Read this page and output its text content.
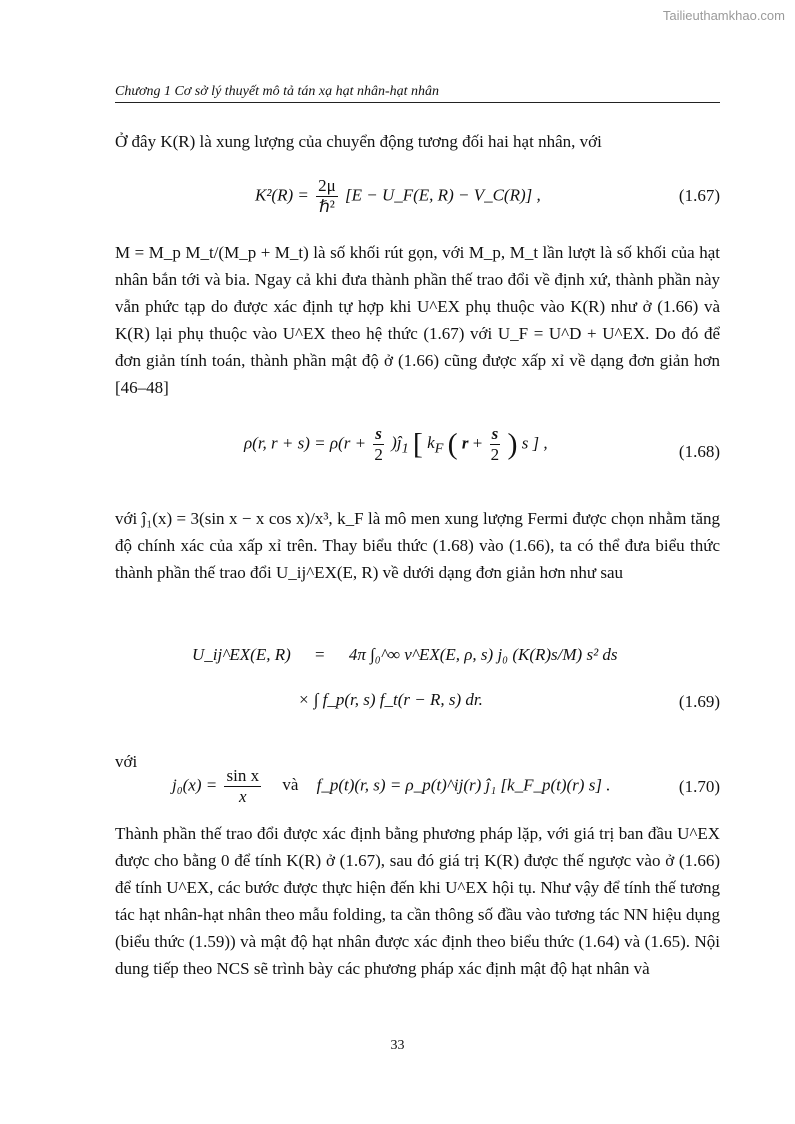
Tailieuthamkhao.com
Chương 1 Cơ sở lý thuyết mô tả tán xạ hạt nhân-hạt nhân

Ở đây K(R) là xung lượng của chuyển động tương đối hai hạt nhân, với

$K^2(R) = \frac{2\mu}{\text{ℏ²}} [E$ − U_F(E, R) − V_C(R)] ,	(1.67)

M = M_p M_t/(M_p + M_t) là số khối rút gọn, với M_p, M_t lần lượt là số khối của hạt nhân bắn tới và bia. Ngay cả khi đưa thành phần thế trao đổi về định xứ, thành phần này vẫn phức tạp do được xác định tự hợp khi U^EX phụ thuộc vào K(R) như ở (1.66) và K(R) lại phụ thuộc vào U^EX theo hệ thức (1.67) với U_F = U^D + U^EX. Do đó để đơn giản tính toán, thành phần mật độ ở (1.66) cũng được xấp xỉ về dạng đơn giản hơn [46–48]

ρ(r, $r + s) = \rho(r + \frac{s}{2}$ )$ĵ_1$ [ $k_F$ ( $r + \frac{s}{2}$ ) s ] ,	(1.68)

với ĵ₁(x) = 3(sin x − x cos x)/x³, k_F là mô men xung lượng Fermi được chọn nhằm tăng độ chính xác của xấp xỉ trên. Thay biểu thức (1.68) vào (1.66), ta có thể đưa biểu thức thành phần thế trao đổi U_ij^EX(E, R) về dưới dạng đơn giản hơn như sau

U_ij^EX(E, R) = 4π ∫₀^∞ v^EX(E, ρ, s) j₀ (K(R)s/M) s² ds
× ∫ f_p(r, s) f_t(r − R, s) dr.	(1.69)

với

$j_0(x) = \frac{\text{sin x}}{x}$ và f_p(t)(r, s) = ρ_p(t)^ij(r) ĵ₁ [k_F_p(t)(r) s] .	(1.70)

Thành phần thế trao đổi được xác định bằng phương pháp lặp, với giá trị ban đầu U^EX được cho bằng 0 để tính K(R) ở (1.67), sau đó giá trị K(R) được thế ngược vào ở (1.66) để tính U^EX, các bước được thực hiện đến khi U^EX hội tụ. Như vậy để tính thế tương tác hạt nhân-hạt nhân theo mẫu folding, ta cần thông số đầu vào tương tác NN hiệu dụng (biểu thức (1.59)) và mật độ hạt nhân được xác định theo biểu thức (1.64) và (1.65). Nội dung tiếp theo NCS sẽ trình bày các phương pháp xác định mật độ hạt nhân và

33
